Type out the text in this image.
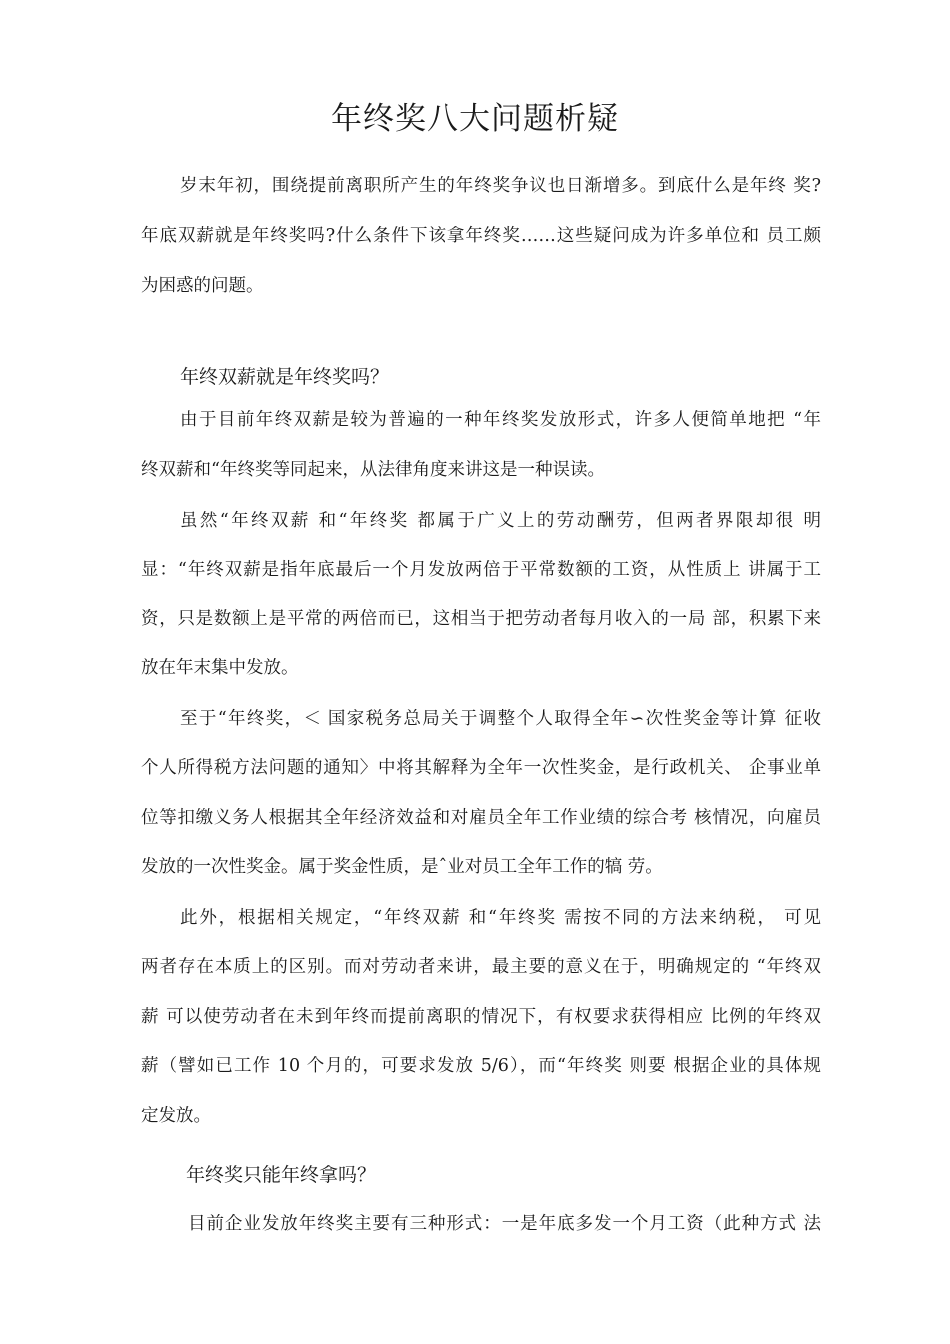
年终奖八大问题析疑
岁末年初，围绕提前离职所产生的年终奖争议也日渐增多。到底什么是年终 奖?
年底双薪就是年终奖吗?什么条件下该拿年终奖……这些疑问成为许多单位和 员工颇
为困惑的问题。
年终双薪就是年终奖吗？
由于目前年终双薪是较为普遍的一种年终奖发放形式，许多人便简单地把 “年
终双薪和“年终奖等同起来，从法律角度来讲这是一种误读。
虽然“年终双薪 和“年终奖 都属于广义上的劳动酬劳，但两者界限却很 明
显：“年终双薪是指年底最后一个月发放两倍于平常数额的工资，从性质上 讲属于工
资，只是数额上是平常的两倍而已，这相当于把劳动者每月收入的一局 部，积累下来
放在年末集中发放。
至于“年终奖，＜ 国家税务总局关于调整个人取得全年∽次性奖金等计算 征收
个人所得税方法问题的通知〉中将其解释为全年一次性奖金，是行政机关、 企事业单
位等扣缴义务人根据其全年经济效益和对雇员全年工作业绩的综合考 核情况，向雇员
发放的一次性奖金。属于奖金性质，是ˆ业对员工全年工作的犒 劳。
此外，根据相关规定，“年终双薪 和“年终奖 需按不同的方法来纳税， 可见
两者存在本质上的区别。而对劳动者来讲，最主要的意义在于，明确规定的 “年终双
薪 可以使劳动者在未到年终而提前离职的情况下，有权要求获得相应 比例的年终双
薪（譬如已工作 10 个月的，可要求发放 5/6），而“年终奖 则要 根据企业的具体规
定发放。
年终奖只能年终拿吗？
目前企业发放年终奖主要有三种形式：一是年底多发一个月工资（此种方式 法
